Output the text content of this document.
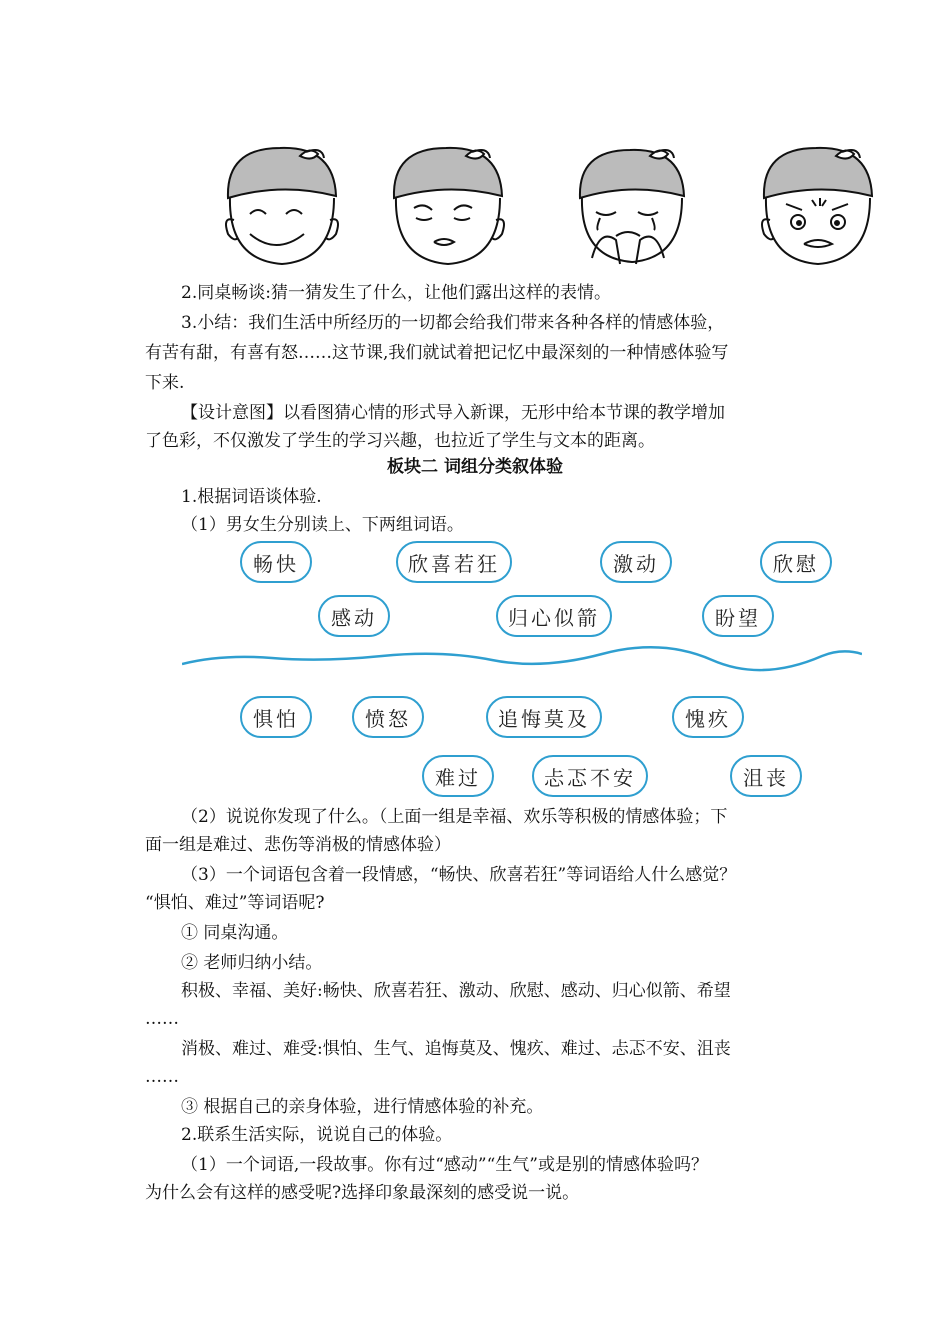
2.同桌畅谈:猜一猜发生了什么，让他们露出这样的表情。

3.小结：我们生活中所经历的一切都会给我们带来各种各样的情感体验，

有苦有甜，有喜有怒……这节课,我们就试着把记忆中最深刻的一种情感体验写

下来.

【设计意图】以看图猜心情的形式导入新课，无形中给本节课的教学增加

了色彩，不仅激发了学生的学习兴趣，也拉近了学生与文本的距离。

板块二 词组分类叙体验

1.根据词语谈体验.

（1）男女生分别读上、下两组词语。

畅快	欣喜若狂	激动	欣慰
感动	归心似箭	盼望
惧怕	愤怒	追悔莫及	愧疚
难过	忐忑不安	沮丧

（2）说说你发现了什么。（上面一组是幸福、欢乐等积极的情感体验；下

面一组是难过、悲伤等消极的情感体验）

（3）一个词语包含着一段情感，“畅快、欣喜若狂”等词语给人什么感觉？

“惧怕、难过”等词语呢?

① 同桌沟通。

② 老师归纳小结。

积极、幸福、美好:畅快、欣喜若狂、激动、欣慰、感动、归心似箭、希望

……

消极、难过、难受:惧怕、生气、追悔莫及、愧疚、难过、忐忑不安、沮丧

……

③ 根据自己的亲身体验，进行情感体验的补充。

2.联系生活实际，说说自己的体验。

（1）一个词语,一段故事。你有过“感动”“生气”或是别的情感体验吗？

为什么会有这样的感受呢?选择印象最深刻的感受说一说。
